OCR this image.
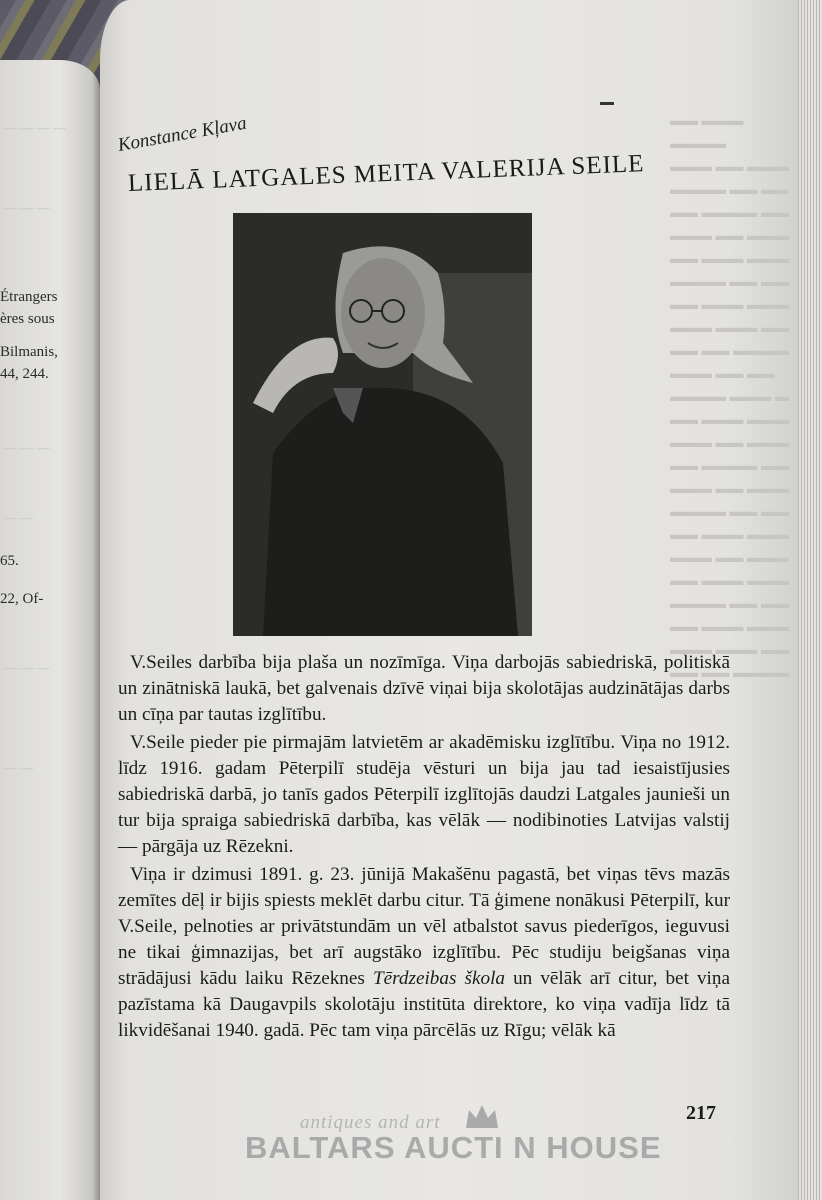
— — — —
— — —
Étrangers
ères sous
Bilmanis,
44, 244.
— — —
— —
65.
22, Of-
— — —
— —
▬▬ ▬▬▬ ▬▬▬▬
▬▬▬ ▬▬ ▬▬▬
▬▬▬▬ ▬▬ ▬▬
▬▬ ▬▬▬▬ ▬▬
▬▬▬ ▬▬ ▬▬▬
▬▬ ▬▬▬ ▬▬▬
▬▬▬▬ ▬▬ ▬▬
▬▬ ▬▬▬ ▬▬▬
▬▬▬ ▬▬▬ ▬▬
▬▬ ▬▬ ▬▬▬▬
▬▬▬ ▬▬ ▬▬
▬▬▬▬ ▬▬▬ ▬
▬▬ ▬▬▬ ▬▬▬
▬▬▬ ▬▬ ▬▬▬
▬▬ ▬▬▬▬ ▬▬
▬▬▬ ▬▬ ▬▬▬
▬▬▬▬ ▬▬ ▬▬
▬▬ ▬▬▬ ▬▬▬
▬▬▬ ▬▬ ▬▬▬
▬▬ ▬▬▬ ▬▬▬
▬▬▬▬ ▬▬ ▬▬
▬▬ ▬▬▬ ▬▬▬
▬▬▬ ▬▬▬ ▬▬
▬▬ ▬▬ ▬▬▬▬
Konstance Kļava
LIELĀ LATGALES MEITA VALERIJA SEILE

V.Seiles darbība bija plaša un nozīmīga. Viņa darbojās sabiedriskā, politiskā un zinātniskā laukā, bet galvenais dzīvē viņai bija skolotājas audzinātājas darbs un cīņa par tautas izglītību.

V.Seile pieder pie pirmajām latvietēm ar akadēmisku izglītību. Viņa no 1912. līdz 1916. gadam Pēterpilī studēja vēsturi un bija jau tad iesaistījusies sabiedriskā darbā, jo tanīs gados Pēterpilī izglītojās daudzi Latgales jaunieši un tur bija spraiga sabiedriskā darbība, kas vēlāk — nodibinoties Latvijas valstij — pārgāja uz Rēzekni.

Viņa ir dzimusi 1891. g. 23. jūnijā Makašēnu pagastā, bet viņas tēvs mazās zemītes dēļ ir bijis spiests meklēt darbu citur. Tā ģimene nonākusi Pēterpilī, kur V.Seile, pelnoties ar privātstundām un vēl atbalstot savus piederīgos, ieguvusi ne tikai ģimnazijas, bet arī augstāko izglītību. Pēc studiju beigšanas viņa strādājusi kādu laiku Rēzeknes Tērdzeibas škola un vēlāk arī citur, bet viņa pazīstama kā Daugavpils skolotāju institūta direktore, ko viņa vadīja līdz tā likvidēšanai 1940. gadā. Pēc tam viņa pārcēlās uz Rīgu; vēlāk kā

217
antiques and art
BALTARS AUCTI N HOUSE
